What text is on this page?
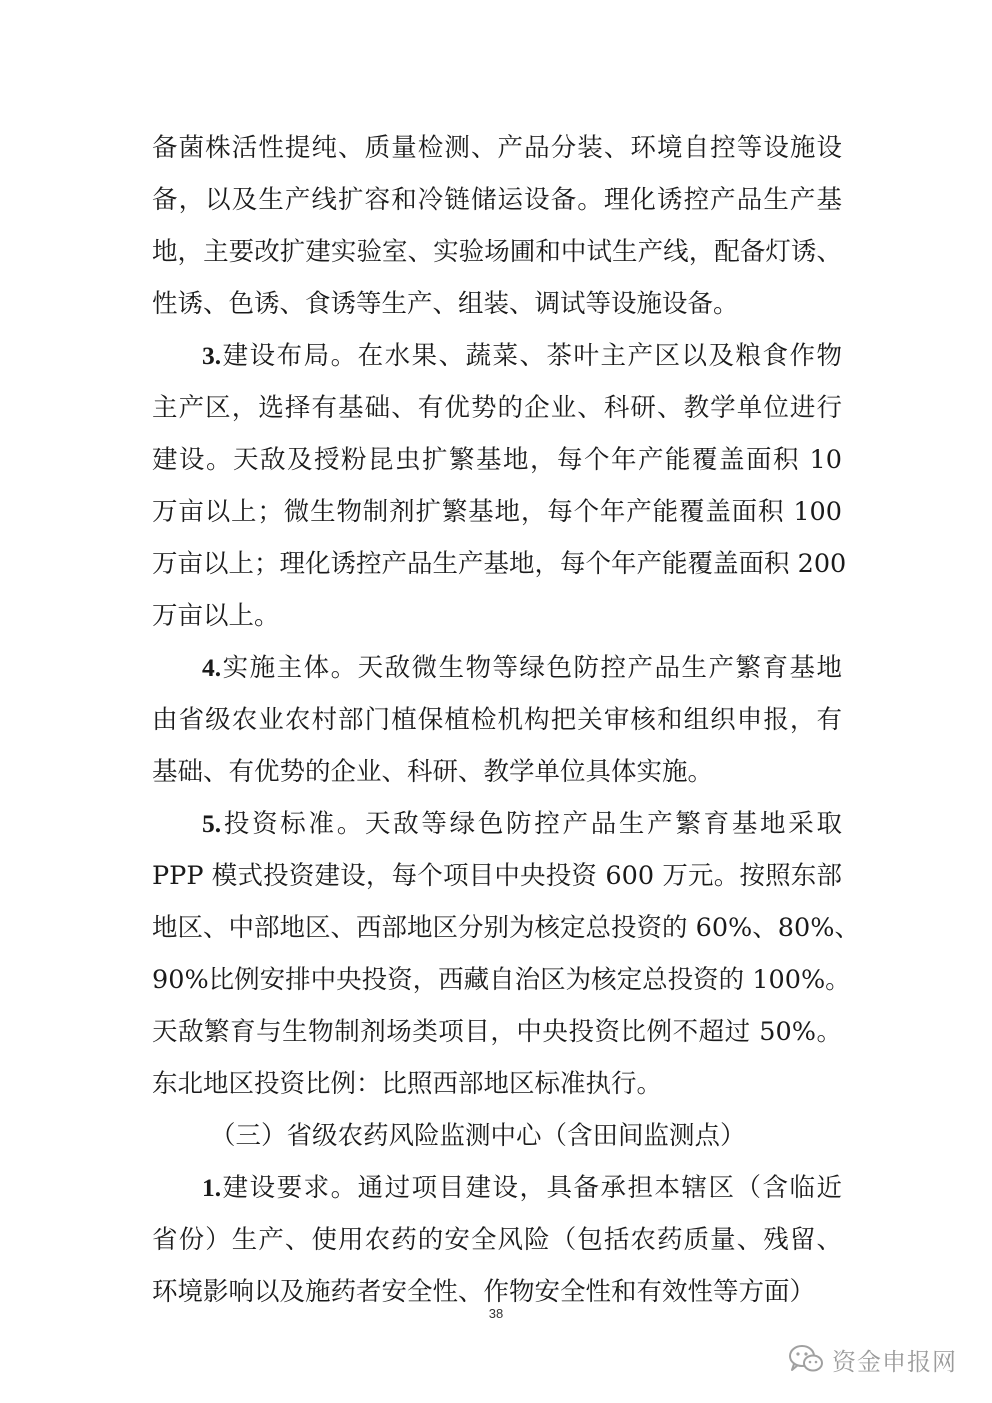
备菌株活性提纯、质量检测、产品分装、环境自控等设施设
备，以及生产线扩容和冷链储运设备。理化诱控产品生产基
地，主要改扩建实验室、实验场圃和中试生产线，配备灯诱、
性诱、色诱、食诱等生产、组装、调试等设施设备。
3.建设布局。在水果、蔬菜、茶叶主产区以及粮食作物
主产区，选择有基础、有优势的企业、科研、教学单位进行
建设。天敌及授粉昆虫扩繁基地，每个年产能覆盖面积 10
万亩以上；微生物制剂扩繁基地，每个年产能覆盖面积 100
万亩以上；理化诱控产品生产基地，每个年产能覆盖面积 200
万亩以上。
4.实施主体。天敌微生物等绿色防控产品生产繁育基地
由省级农业农村部门植保植检机构把关审核和组织申报，有
基础、有优势的企业、科研、教学单位具体实施。
5.投资标准。天敌等绿色防控产品生产繁育基地采取
PPP 模式投资建设，每个项目中央投资 600 万元。按照东部
地区、中部地区、西部地区分别为核定总投资的 60%、80%、
90%比例安排中央投资，西藏自治区为核定总投资的 100%。
天敌繁育与生物制剂场类项目，中央投资比例不超过 50%。
东北地区投资比例：比照西部地区标准执行。
（三）省级农药风险监测中心（含田间监测点）
1.建设要求。通过项目建设，具备承担本辖区（含临近
省份）生产、使用农药的安全风险（包括农药质量、残留、
环境影响以及施药者安全性、作物安全性和有效性等方面）
38
资金申报网
